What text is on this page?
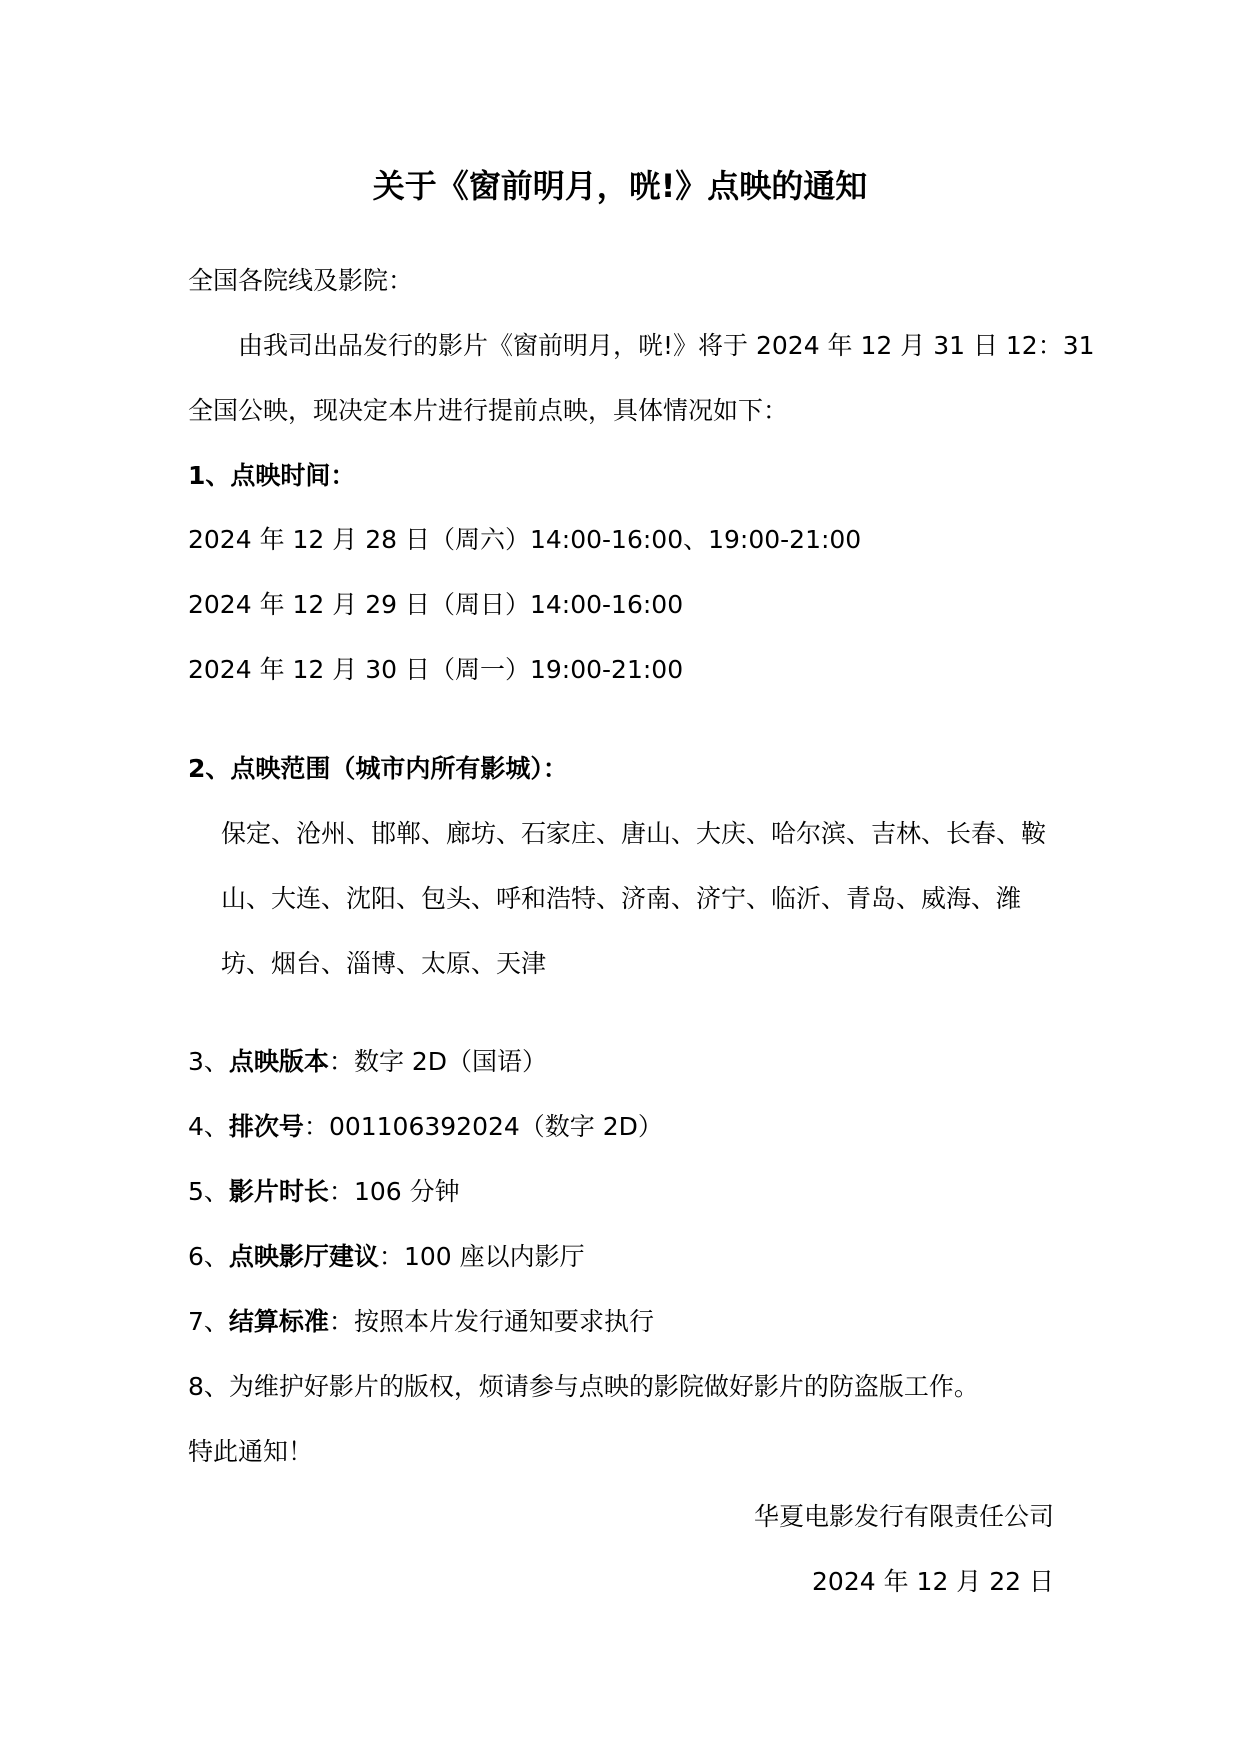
关于《窗前明月，咣!》点映的通知
全国各院线及影院：
由我司出品发行的影片《窗前明月，咣!》将于 2024 年 12 月 31 日 12：31
全国公映，现决定本片进行提前点映，具体情况如下：
1、点映时间：
2024 年 12 月 28 日（周六）14:00-16:00、19:00-21:00
2024 年 12 月 29 日（周日）14:00-16:00
2024 年 12 月 30 日（周一）19:00-21:00
2、点映范围（城市内所有影城）：
保定、沧州、邯郸、廊坊、石家庄、唐山、大庆、哈尔滨、吉林、长春、鞍
山、大连、沈阳、包头、呼和浩特、济南、济宁、临沂、青岛、威海、潍
坊、烟台、淄博、太原、天津
3、点映版本：数字 2D（国语）
4、排次号：001106392024（数字 2D）
5、影片时长：106 分钟
6、点映影厅建议：100 座以内影厅
7、结算标准：按照本片发行通知要求执行
8、为维护好影片的版权，烦请参与点映的影院做好影片的防盗版工作。
特此通知！
华夏电影发行有限责任公司
2024 年 12 月 22 日
